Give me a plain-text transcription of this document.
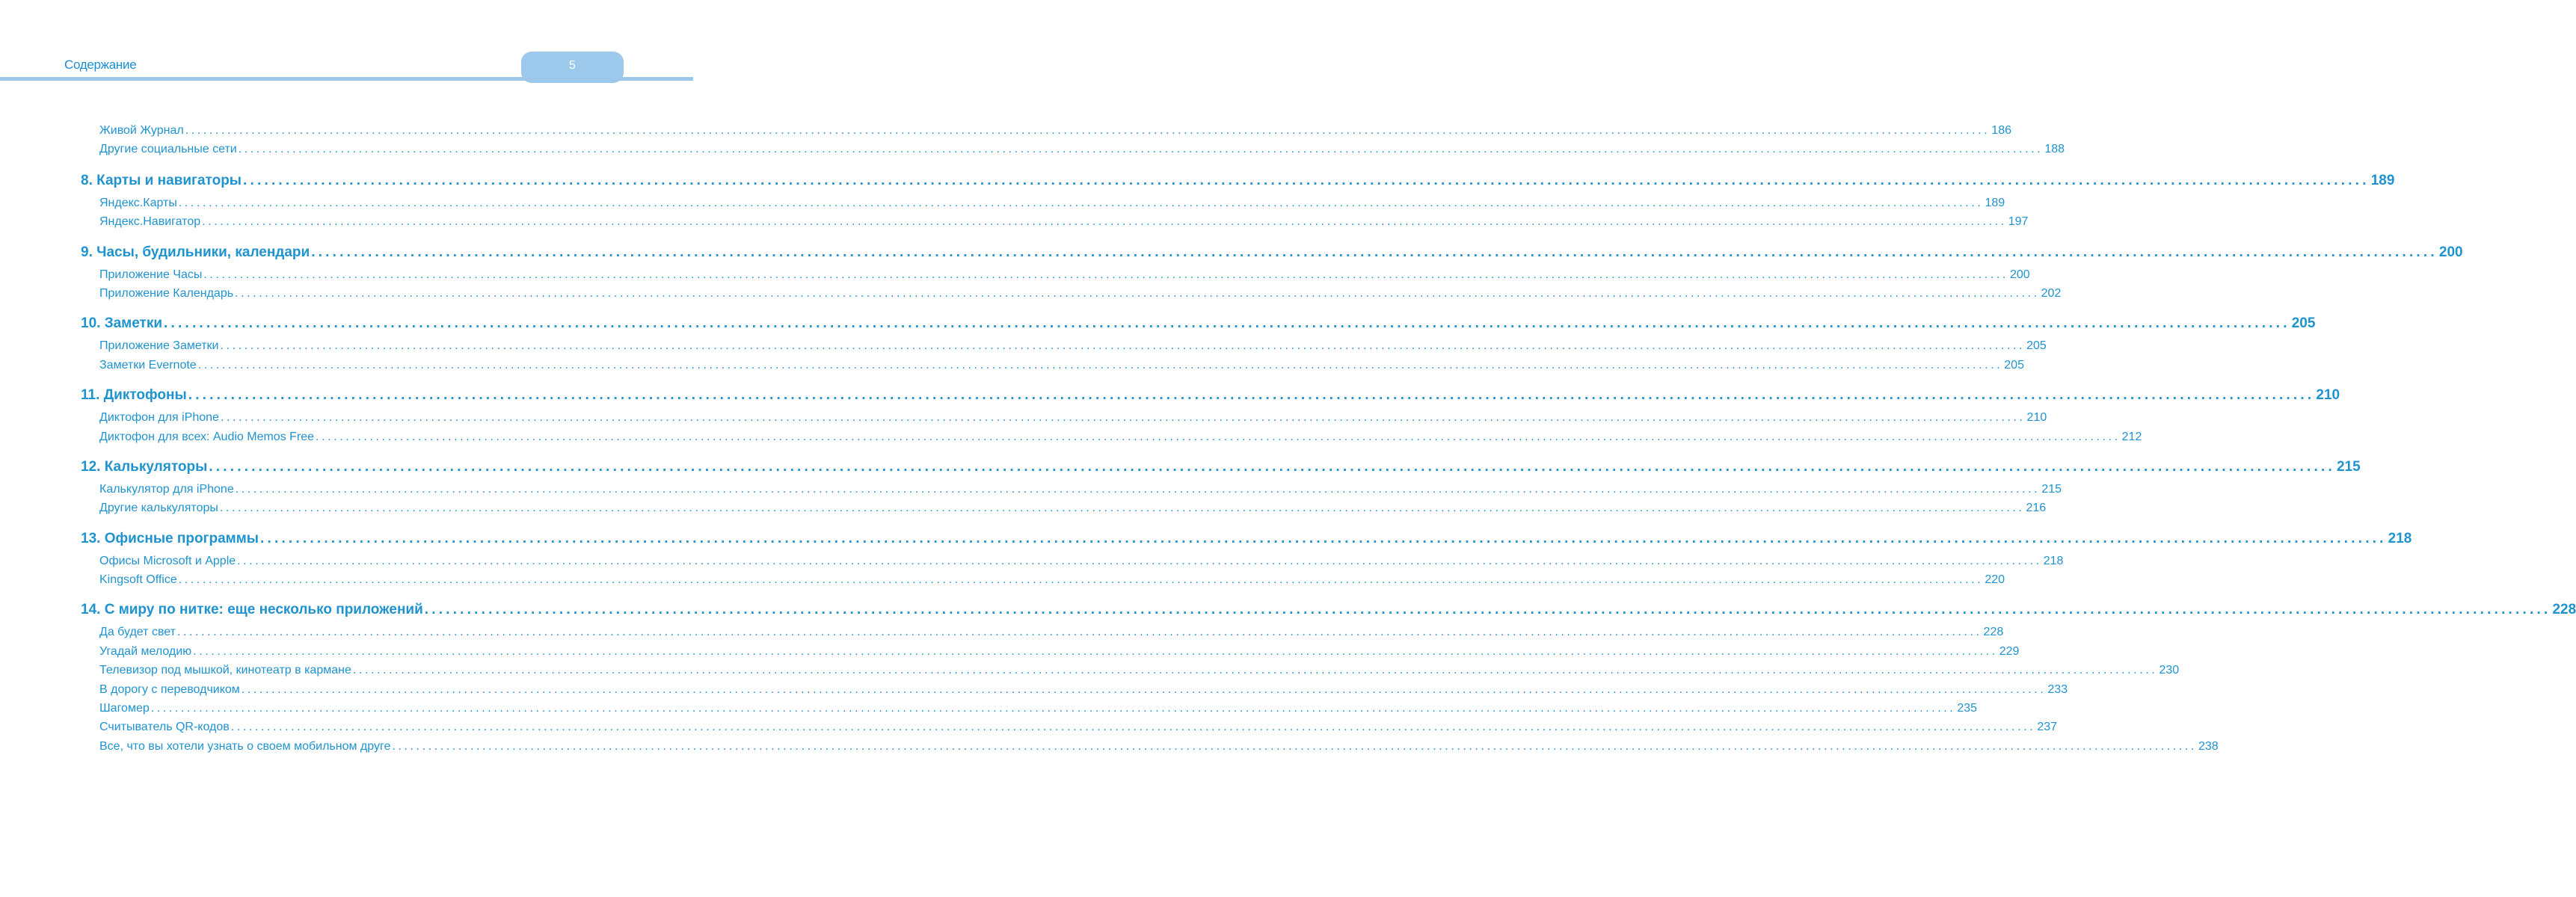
Содержание	5
Живой Журнал ............................................................................................................................................................................................................................................................................................................ 186
Другие социальные сети ............................................................................................................................................................................................................................................................................................................ 188
8. Карты и навигаторы ............................................................................................................................................................................................................................................................................................................ 189
Яндекс.Карты ............................................................................................................................................................................................................................................................................................................ 189
Яндекс.Навигатор ............................................................................................................................................................................................................................................................................................................ 197
9. Часы, будильники, календари ............................................................................................................................................................................................................................................................................................................ 200
Приложение Часы ............................................................................................................................................................................................................................................................................................................ 200
Приложение Календарь ............................................................................................................................................................................................................................................................................................................ 202
10. Заметки ............................................................................................................................................................................................................................................................................................................ 205
Приложение Заметки ............................................................................................................................................................................................................................................................................................................ 205
Заметки Evernote ............................................................................................................................................................................................................................................................................................................ 205
11. Диктофоны ............................................................................................................................................................................................................................................................................................................ 210
Диктофон для iPhone ............................................................................................................................................................................................................................................................................................................ 210
Диктофон для всех: Audio Memos Free ............................................................................................................................................................................................................................................................................................................ 212
12. Калькуляторы ............................................................................................................................................................................................................................................................................................................ 215
Калькулятор для iPhone ............................................................................................................................................................................................................................................................................................................ 215
Другие калькуляторы ............................................................................................................................................................................................................................................................................................................ 216
13. Офисные программы ............................................................................................................................................................................................................................................................................................................ 218
Офисы Microsoft и Apple ............................................................................................................................................................................................................................................................................................................ 218
Kingsoft Office ............................................................................................................................................................................................................................................................................................................ 220
14. С миру по нитке: еще несколько приложений ............................................................................................................................................................................................................................................................................................................ 228
Да будет свет ............................................................................................................................................................................................................................................................................................................ 228
Угадай мелодию ............................................................................................................................................................................................................................................................................................................ 229
Телевизор под мышкой, кинотеатр в кармане ............................................................................................................................................................................................................................................................................................................ 230
В дорогу с переводчиком ............................................................................................................................................................................................................................................................................................................ 233
Шагомер ............................................................................................................................................................................................................................................................................................................ 235
Считыватель QR-кодов ............................................................................................................................................................................................................................................................................................................ 237
Все, что вы хотели узнать о своем мобильном друге ............................................................................................................................................................................................................................................................................................................ 238
